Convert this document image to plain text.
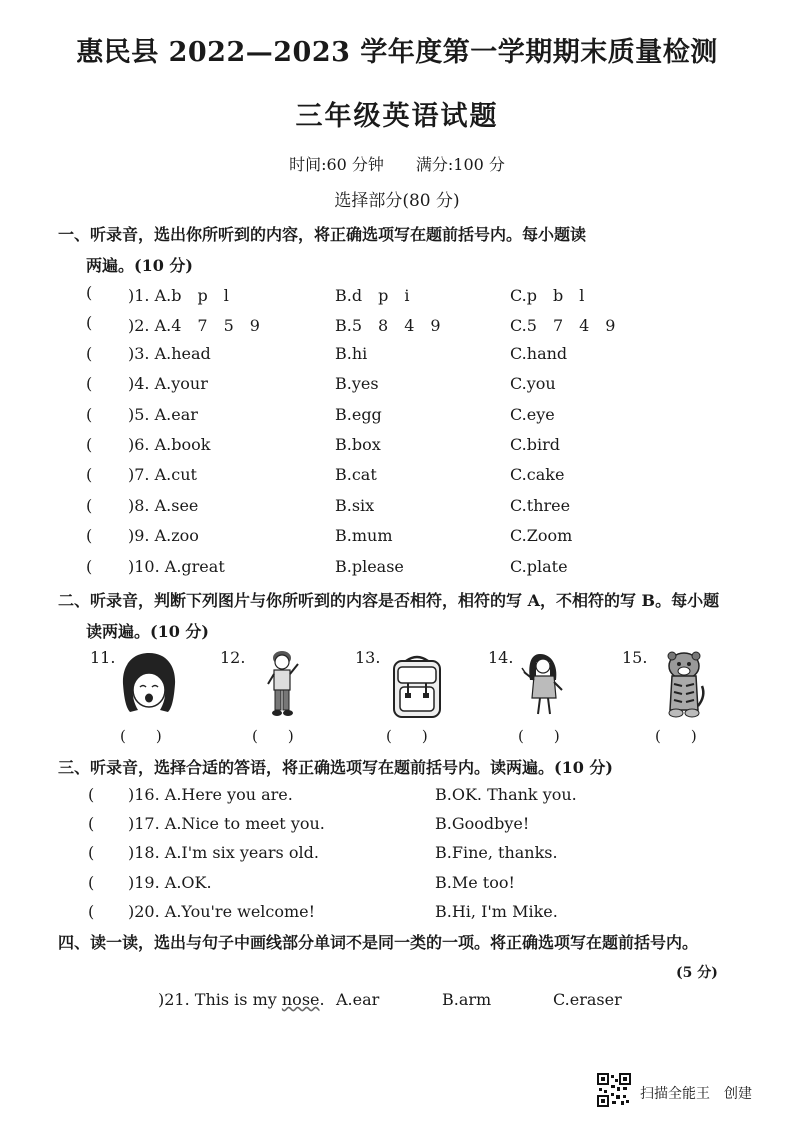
惠民县 2022—2023 学年度第一学期期末质量检测
三年级英语试题
时间:60 分钟　　满分:100 分
选择部分(80 分)
一、听录音，选出你所听到的内容，将正确选项写在题前括号内。每小题读
两遍。(10 分)
( )1. A.b　p　l	B.d　p　i	C.p　b　l
( )2. A.4　7　5　9	B.5　8　4　9	C.5　7　4　9
( )3. A.head	B.hi	C.hand
( )4. A.your	B.yes	C.you
( )5. A.ear	B.egg	C.eye
( )6. A.book	B.box	C.bird
( )7. A.cut	B.cat	C.cake
( )8. A.see	B.six	C.three
( )9. A.zoo	B.mum	C.Zoom
( )10. A.great	B.please	C.plate
二、听录音，判断下列图片与你所听到的内容是否相符，相符的写 A，不相符的写 B。每小题
读两遍。(10 分)
11.	12.	13.	14.	15.
(　　)	(　　)	(　　)	(　　)	(　　)
三、听录音，选择合适的答语，将正确选项写在题前括号内。读两遍。(10 分)
( )16. A.Here you are.	B.OK. Thank you.
( )17. A.Nice to meet you.	B.Goodbye!
( )18. A.I'm six years old.	B.Fine, thanks.
( )19. A.OK.	B.Me too!
( )20. A.You're welcome!	B.Hi, I'm Mike.
四、读一读，选出与句子中画线部分单词不是同一类的一项。将正确选项写在题前括号内。
(5 分)
)21. This is my nose. A.ear	B.arm	C.eraser
扫描全能王　创建
